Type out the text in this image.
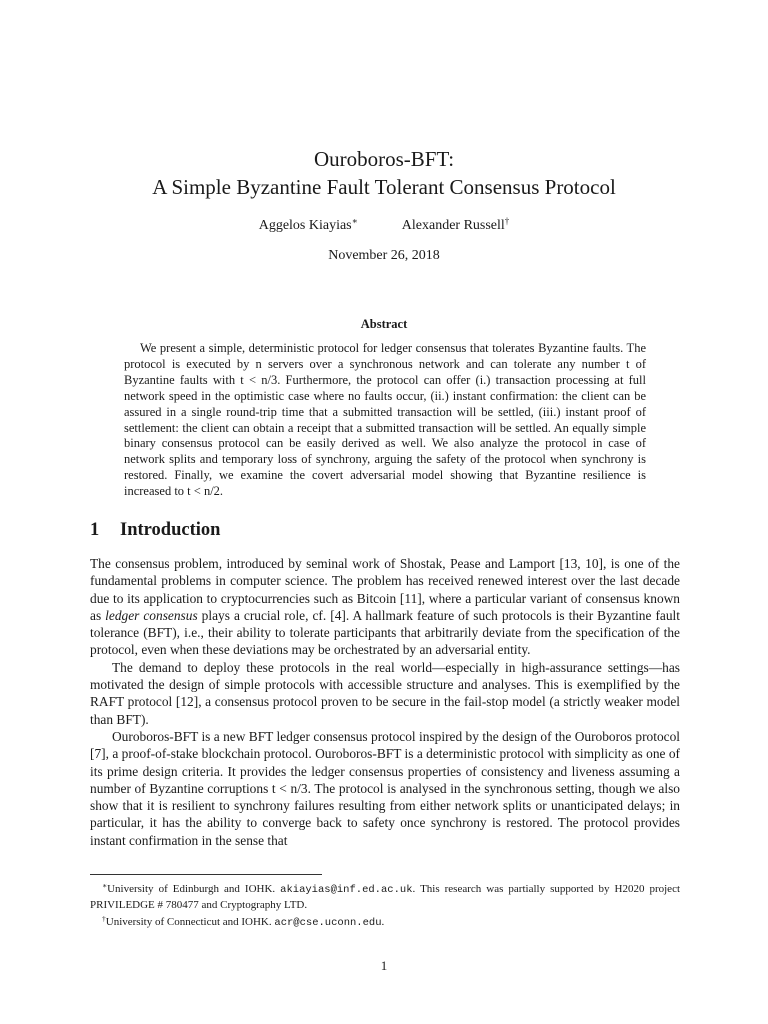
Ouroboros-BFT:
A Simple Byzantine Fault Tolerant Consensus Protocol
Aggelos Kiayias∗	Alexander Russell†
November 26, 2018
Abstract

We present a simple, deterministic protocol for ledger consensus that tolerates Byzantine faults. The protocol is executed by n servers over a synchronous network and can tolerate any number t of Byzantine faults with t < n/3. Furthermore, the protocol can offer (i.) transaction processing at full network speed in the optimistic case where no faults occur, (ii.) instant confirmation: the client can be assured in a single round-trip time that a submitted transaction will be settled, (iii.) instant proof of settlement: the client can obtain a receipt that a submitted transaction will be settled. An equally simple binary consensus protocol can be easily derived as well. We also analyze the protocol in case of network splits and temporary loss of synchrony, arguing the safety of the protocol when synchrony is restored. Finally, we examine the covert adversarial model showing that Byzantine resilience is increased to t < n/2.

1 Introduction

The consensus problem, introduced by seminal work of Shostak, Pease and Lamport [13, 10], is one of the fundamental problems in computer science. The problem has received renewed interest over the last decade due to its application to cryptocurrencies such as Bitcoin [11], where a particular variant of consensus known as ledger consensus plays a crucial role, cf. [4]. A hallmark feature of such protocols is their Byzantine fault tolerance (BFT), i.e., their ability to tolerate participants that arbitrarily deviate from the specification of the protocol, even when these deviations may be orchestrated by an adversarial entity.

The demand to deploy these protocols in the real world—especially in high-assurance settings—has motivated the design of simple protocols with accessible structure and analyses. This is exemplified by the RAFT protocol [12], a consensus protocol proven to be secure in the fail-stop model (a strictly weaker model than BFT).

Ouroboros-BFT is a new BFT ledger consensus protocol inspired by the design of the Ouroboros protocol [7], a proof-of-stake blockchain protocol. Ouroboros-BFT is a deterministic protocol with simplicity as one of its prime design criteria. It provides the ledger consensus properties of consistency and liveness assuming a number of Byzantine corruptions t < n/3. The protocol is analysed in the synchronous setting, though we also show that it is resilient to synchrony failures resulting from either network splits or unanticipated delays; in particular, it has the ability to converge back to safety once synchrony is restored. The protocol provides instant confirmation in the sense that

∗University of Edinburgh and IOHK. akiayias@inf.ed.ac.uk. This research was partially supported by H2020 project PRIVILEDGE # 780477 and Cryptography LTD.

†University of Connecticut and IOHK. acr@cse.uconn.edu.

1
